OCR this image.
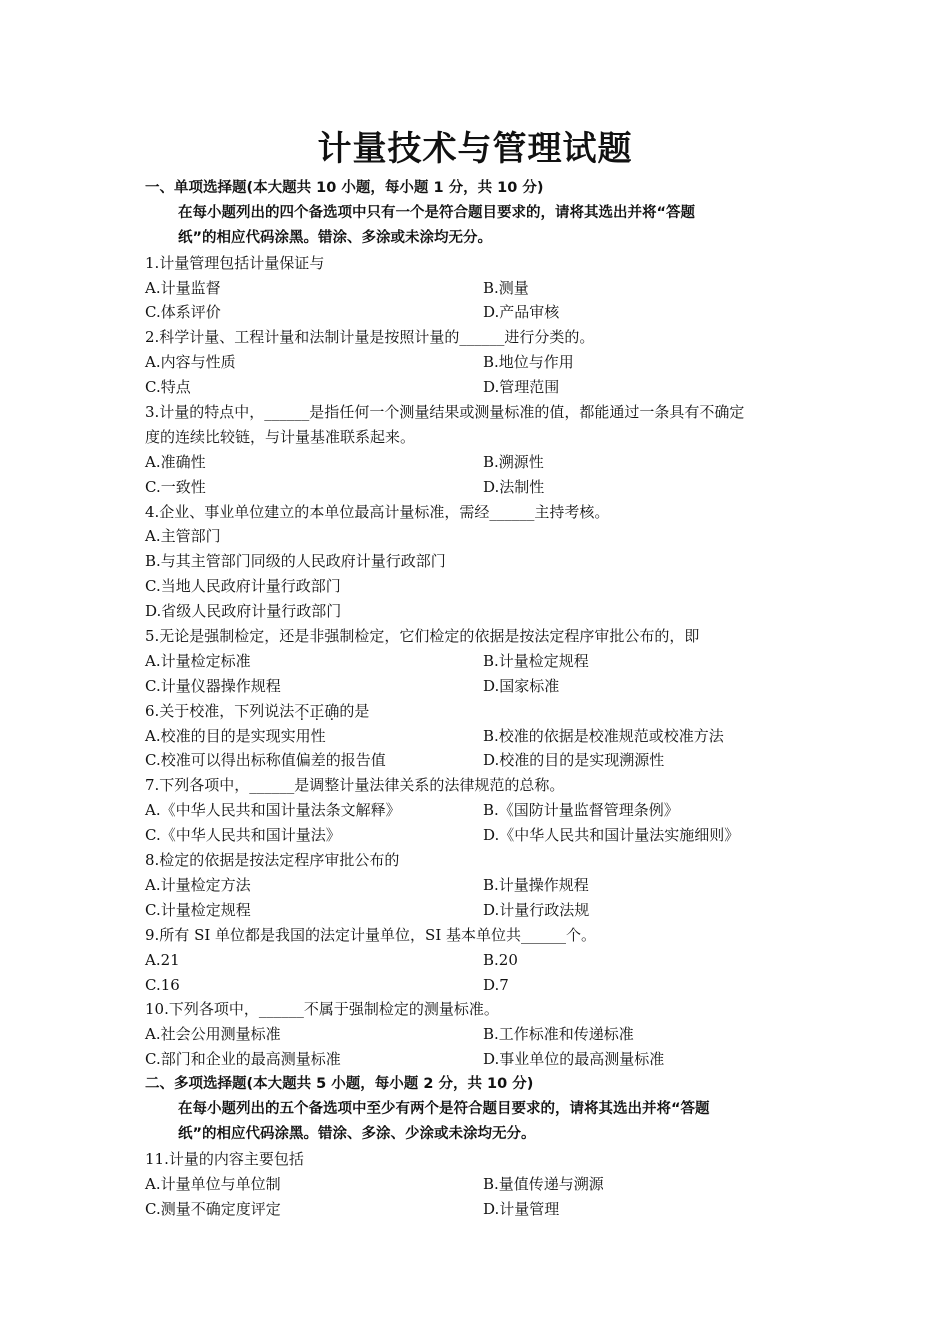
计量技术与管理试题
一、单项选择题(本大题共 10 小题，每小题 1 分，共 10 分)
在每小题列出的四个备选项中只有一个是符合题目要求的，请将其选出并将“答题
纸”的相应代码涂黑。错涂、多涂或未涂均无分。
1.计量管理包括计量保证与
A.计量监督	B.测量
C.体系评价	D.产品审核
2.科学计量、工程计量和法制计量是按照计量的______进行分类的。
A.内容与性质	B.地位与作用
C.特点	D.管理范围
3.计量的特点中，______是指任何一个测量结果或测量标准的值，都能通过一条具有不确定
度的连续比较链，与计量基准联系起来。
A.准确性	B.溯源性
C.一致性	D.法制性
4.企业、事业单位建立的本单位最高计量标准，需经______主持考核。
A.主管部门
B.与其主管部门同级的人民政府计量行政部门
C.当地人民政府计量行政部门
D.省级人民政府计量行政部门
5.无论是强制检定，还是非强制检定，它们检定的依据是按法定程序审批公布的，即
A.计量检定标准	B.计量检定规程
C.计量仪器操作规程	D.国家标准
6.关于校准，下列说法不正确的是
A.校准的目的是实现实用性	B.校准的依据是校准规范或校准方法
C.校准可以得出标称值偏差的报告值	D.校准的目的是实现溯源性
7.下列各项中，______是调整计量法律关系的法律规范的总称。
A.《中华人民共和国计量法条文解释》	B.《国防计量监督管理条例》
C.《中华人民共和国计量法》	D.《中华人民共和国计量法实施细则》
8.检定的依据是按法定程序审批公布的
A.计量检定方法	B.计量操作规程
C.计量检定规程	D.计量行政法规
9.所有 SI 单位都是我国的法定计量单位，SI 基本单位共______个。
A.21	B.20
C.16	D.7
10.下列各项中，______不属于强制检定的测量标准。
A.社会公用测量标准	B.工作标准和传递标准
C.部门和企业的最高测量标准	D.事业单位的最高测量标准
二、多项选择题(本大题共 5 小题，每小题 2 分，共 10 分)
在每小题列出的五个备选项中至少有两个是符合题目要求的，请将其选出并将“答题
纸”的相应代码涂黑。错涂、多涂、少涂或未涂均无分。
11.计量的内容主要包括
A.计量单位与单位制	B.量值传递与溯源
C.测量不确定度评定	D.计量管理
